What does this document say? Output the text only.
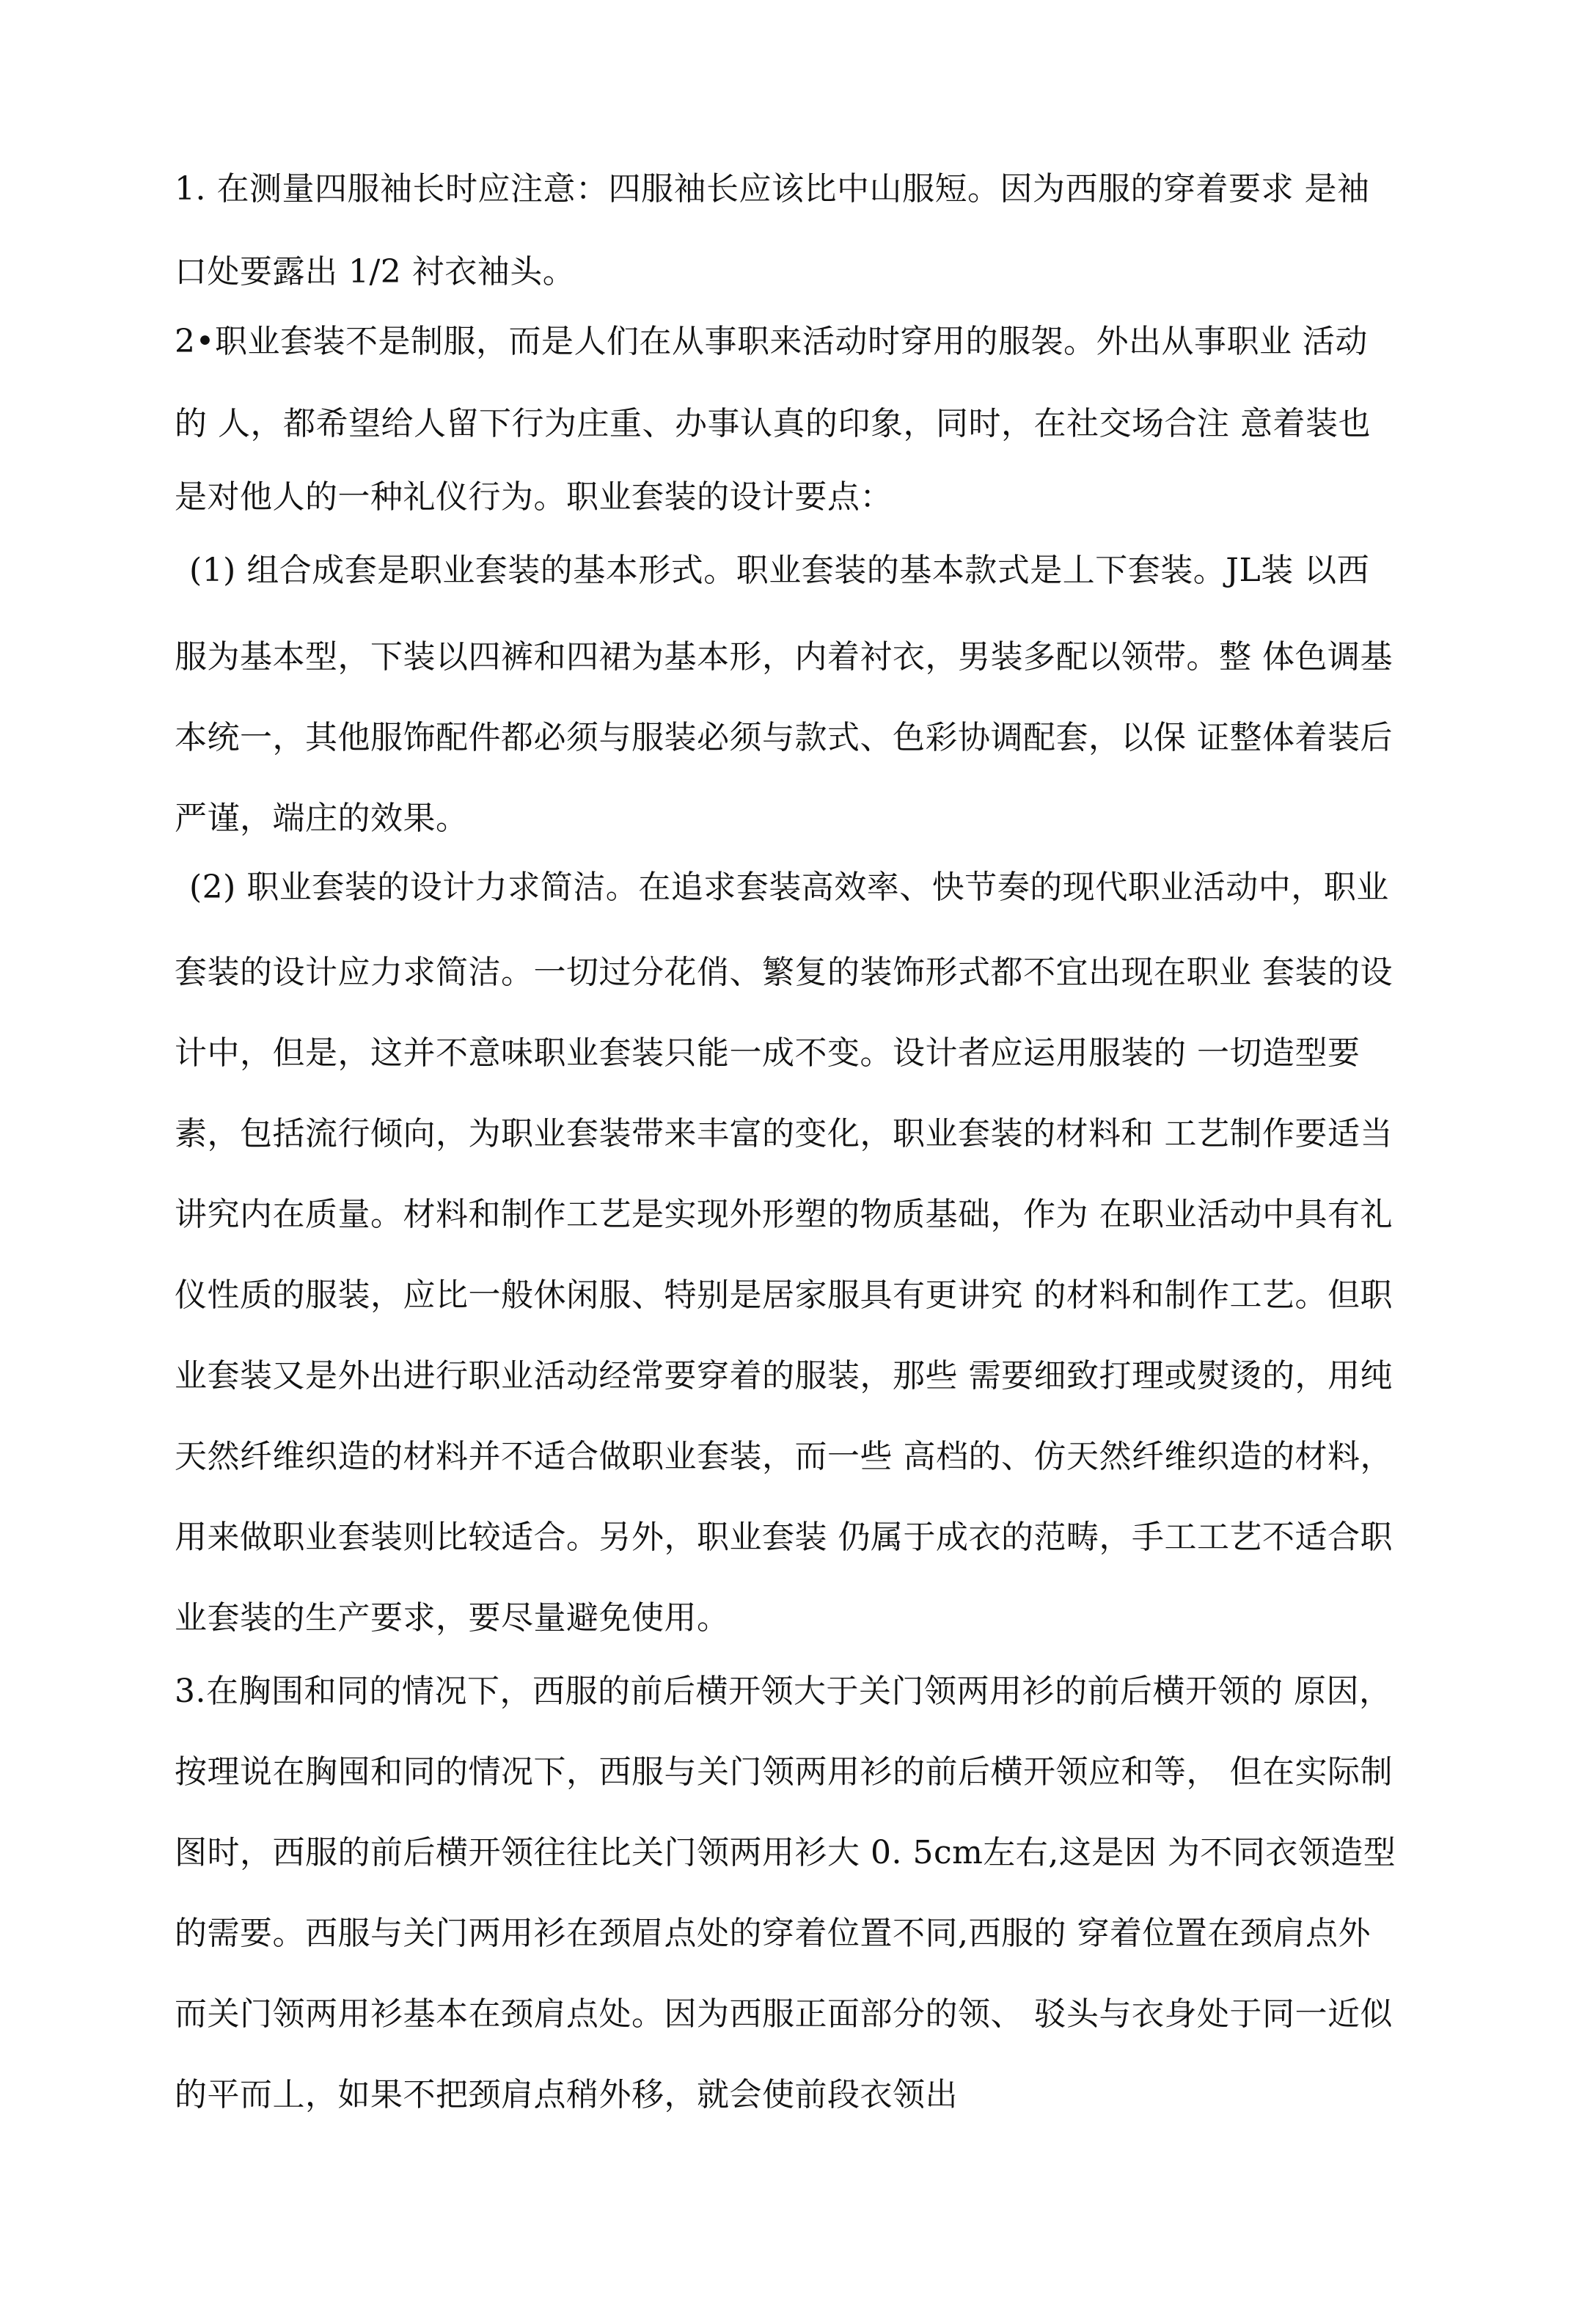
1. 在测量四服袖长时应注意：四服袖长应该比中山服短。因为西服的穿着要求 是袖
口处要露出 1/2 衬衣袖头。
2•职业套装不是制服，而是人们在从事职来活动时穿用的服袈。外出从事职业 活动
的 人，都希望给人留下行为庄重、办事认真的印象，同时，在社交场合注 意着装也
是对他人的一种礼仪行为。职业套装的设计要点：
(1) 组合成套是职业套装的基本形式。职业套装的基本款式是丄下套装。JL装 以西
服为基本型，下装以四裤和四裙为基本形，内着衬衣，男装多配以领带。整 体色调基
本统一，其他服饰配件都必须与服装必须与款式、色彩协调配套，以保 证整体着装后
严谨，端庄的效果。
(2) 职业套装的设计力求简洁。在追求套装高效率、快节奏的现代职业活动中，职业
套装的设计应力求简洁。一切过分花俏、繁复的装饰形式都不宜出现在职业 套装的设
计中，但是，这并不意味职业套装只能一成不变。设计者应运用服装的 一切造型要
素，包括流行倾向，为职业套装带来丰富的变化，职业套装的材料和 工艺制作要适当
讲究内在质量。材料和制作工艺是实现外形塑的物质基础，作为 在职业活动中具有礼
仪性质的服装，应比一般休闲服、特别是居家服具有更讲究 的材料和制作工艺。但职
业套装又是外出进行职业活动经常要穿着的服装，那些 需要细致打理或熨烫的，用纯
天然纤维织造的材料并不适合做职业套装，而一些 高档的、仿天然纤维织造的材料，
用来做职业套装则比较适合。另外，职业套装 仍属于成衣的范畴，手工工艺不适合职
业套装的生产要求，要尽量避免使用。
3.在胸围和同的情况下，西服的前后横开领大于关门领两用衫的前后横开领的 原因，
按理说在胸囤和同的情况下，西服与关门领两用衫的前后横开领应和等， 但在实际制
图时，西服的前后横开领往往比关门领两用衫大 0. 5cm左右,这是因 为不同衣领造型
的需要。西服与关门两用衫在颈眉点处的穿着位置不同,西服的 穿着位置在颈肩点外
而关门领两用衫基本在颈肩点处。因为西服正面部分的领、 驳头与衣身处于同一近似
的平而丄，如果不把颈肩点稍外移，就会使前段衣领出
